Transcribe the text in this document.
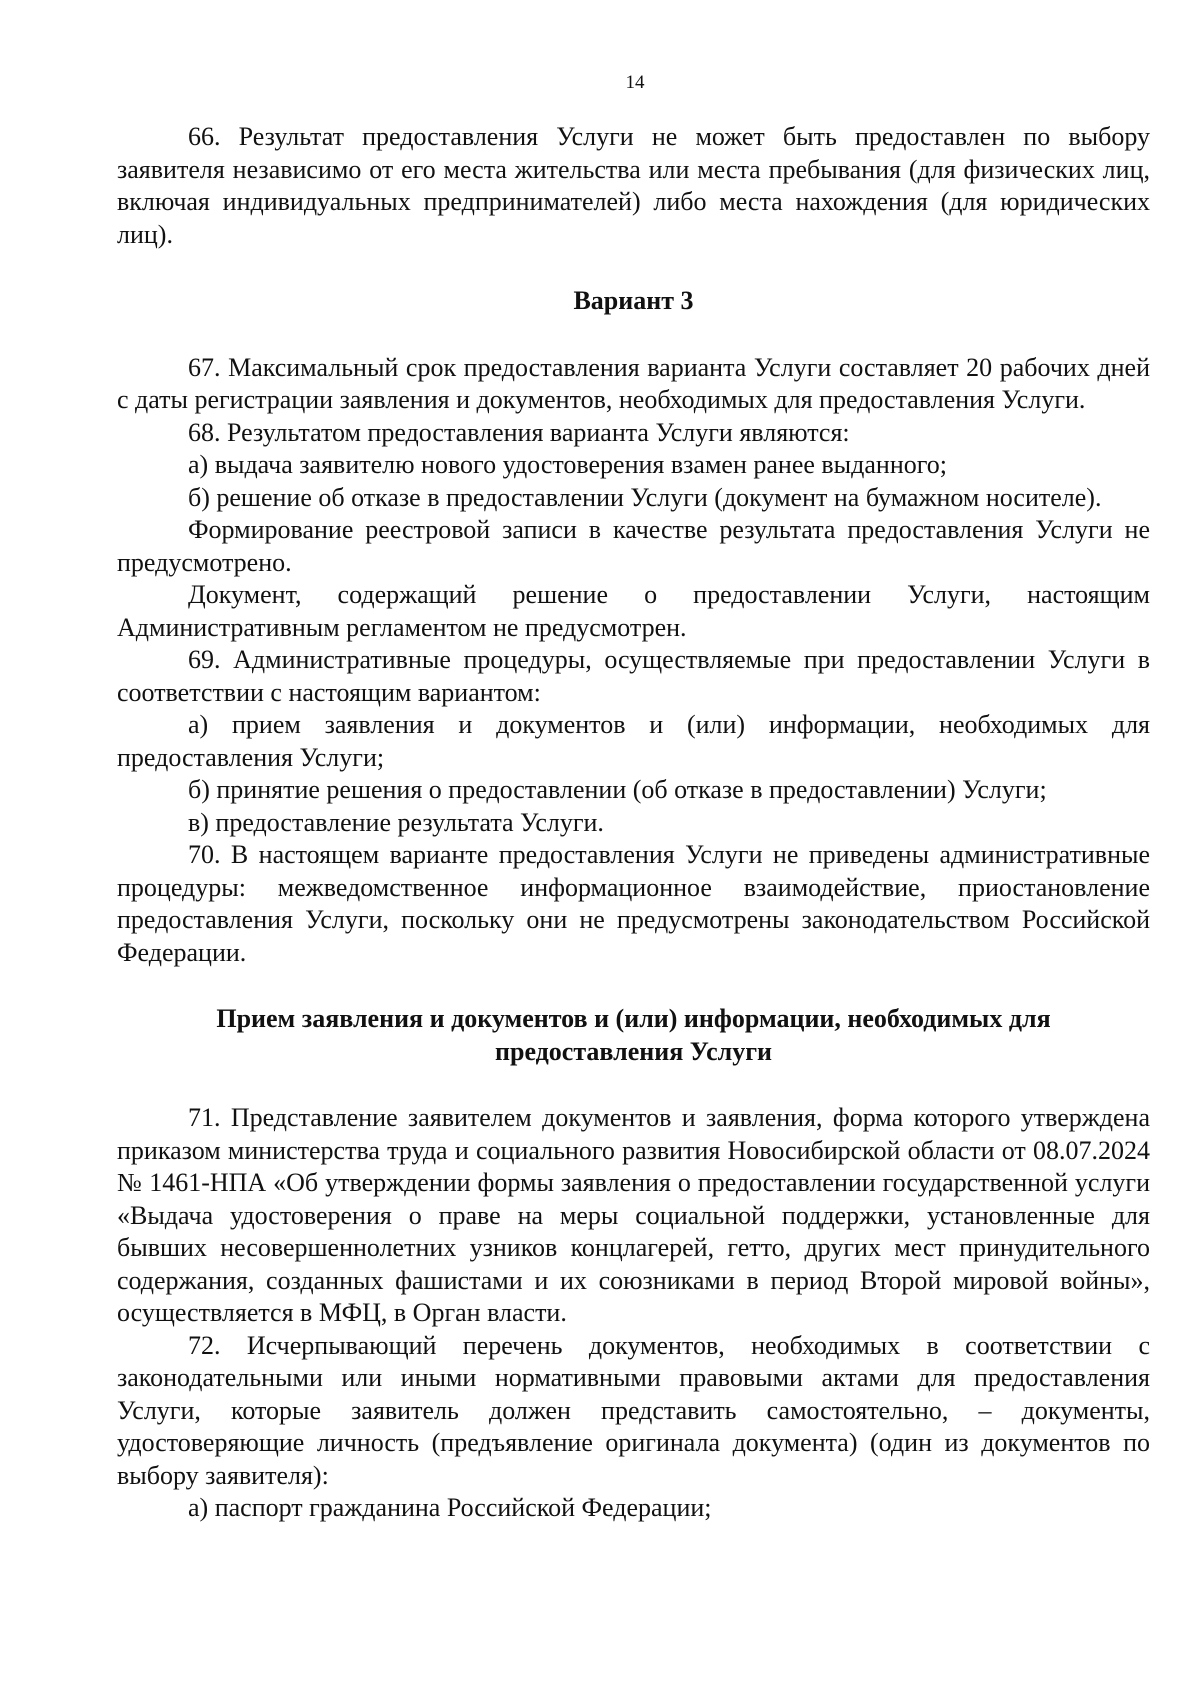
14

66. Результат предоставления Услуги не может быть предоставлен по выбору заявителя независимо от его места жительства или места пребывания (для физических лиц, включая индивидуальных предпринимателей) либо места нахождения (для юридических лиц).

Вариант 3

67. Максимальный срок предоставления варианта Услуги составляет 20 рабочих дней с даты регистрации заявления и документов, необходимых для предоставления Услуги.

68. Результатом предоставления варианта Услуги являются:

а) выдача заявителю нового удостоверения взамен ранее выданного;

б) решение об отказе в предоставлении Услуги (документ на бумажном носителе).

Формирование реестровой записи в качестве результата предоставления Услуги не предусмотрено.

Документ, содержащий решение о предоставлении Услуги, настоящим Административным регламентом не предусмотрен.

69. Административные процедуры, осуществляемые при предоставлении Услуги в соответствии с настоящим вариантом:

а) прием заявления и документов и (или) информации, необходимых для предоставления Услуги;

б) принятие решения о предоставлении (об отказе в предоставлении) Услуги;

в) предоставление результата Услуги.

70. В настоящем варианте предоставления Услуги не приведены административные процедуры: межведомственное информационное взаимодействие, приостановление предоставления Услуги, поскольку они не предусмотрены законодательством Российской Федерации.

Прием заявления и документов и (или) информации, необходимых для предоставления Услуги

71. Представление заявителем документов и заявления, форма которого утверждена приказом министерства труда и социального развития Новосибирской области от 08.07.2024 № 1461-НПА «Об утверждении формы заявления о предоставлении государственной услуги «Выдача удостоверения о праве на меры социальной поддержки, установленные для бывших несовершеннолетних узников концлагерей, гетто, других мест принудительного содержания, созданных фашистами и их союзниками в период Второй мировой войны», осуществляется в МФЦ, в Орган власти.

72. Исчерпывающий перечень документов, необходимых в соответствии с законодательными или иными нормативными правовыми актами для предоставления Услуги, которые заявитель должен представить самостоятельно, – документы, удостоверяющие личность (предъявление оригинала документа) (один из документов по выбору заявителя):

а) паспорт гражданина Российской Федерации;
